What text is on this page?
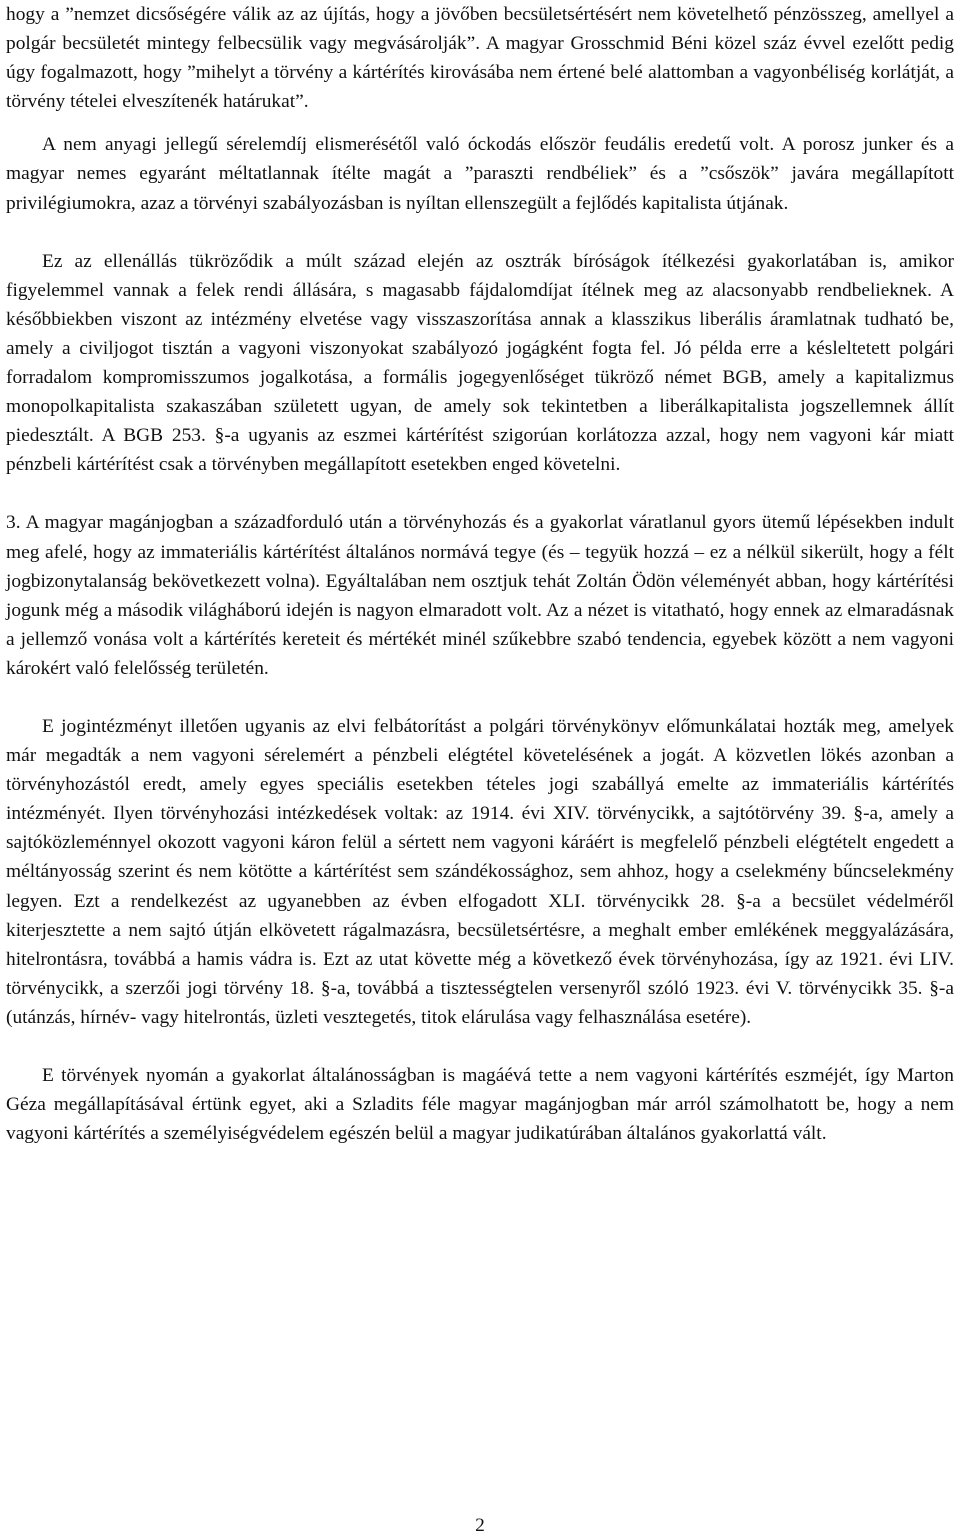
hogy a ”nemzet dicsőségére válik az az újítás, hogy a jövőben becsületsértésért nem követelhető pénzösszeg, amellyel a polgár becsületét mintegy felbecsülik vagy megvásárolják”. A magyar Grosschmid Béni közel száz évvel ezelőtt pedig úgy fogalmazott, hogy ”mihelyt a törvény a kártérítés kirovásába nem értené belé alattomban a vagyonbéliség korlátját, a törvény tételei elveszítenék határukat”.

A nem anyagi jellegű sérelemdíj elismerésétől való óckodás először feudális eredetű volt. A porosz junker és a magyar nemes egyaránt méltatlannak ítélte magát a ”paraszti rendbéliek” és a ”csőszök” javára megállapított privilégiumokra, azaz a törvényi szabályozásban is nyíltan ellenszegült a fejlődés kapitalista útjának.

Ez az ellenállás tükröződik a múlt század elején az osztrák bíróságok ítélkezési gyakorlatában is, amikor figyelemmel vannak a felek rendi állására, s magasabb fájdalomdíjat ítélnek meg az alacsonyabb rendbelieknek. A későbbiekben viszont az intézmény elvetése vagy visszaszorítása annak a klasszikus liberális áramlatnak tudható be, amely a civiljogot tisztán a vagyoni viszonyokat szabályozó jogágként fogta fel. Jó példa erre a késleltetett polgári forradalom kompromisszumos jogalkotása, a formális jogegyenlőséget tükröző német BGB, amely a kapitalizmus monopolkapitalista szakaszában született ugyan, de amely sok tekintetben a liberálkapitalista jogszellemnek állít piedesztált. A BGB 253. §-a ugyanis az eszmei kártérítést szigorúan korlátozza azzal, hogy nem vagyoni kár miatt pénzbeli kártérítést csak a törvényben megállapított esetekben enged követelni.

3. A magyar magánjogban a századforduló után a törvényhozás és a gyakorlat váratlanul gyors ütemű lépésekben indult meg afelé, hogy az immateriális kártérítést általános normává tegye (és – tegyük hozzá – ez a nélkül sikerült, hogy a félt jogbizonytalanság bekövetkezett volna). Egyáltalában nem osztjuk tehát Zoltán Ödön véleményét abban, hogy kártérítési jogunk még a második világháború idején is nagyon elmaradott volt. Az a nézet is vitatható, hogy ennek az elmaradásnak a jellemző vonása volt a kártérítés kereteit és mértékét minél szűkebbre szabó tendencia, egyebek között a nem vagyoni károkért való felelősség területén.

E jogintézményt illetően ugyanis az elvi felbátorítást a polgári törvénykönyv előmunkálatai hozták meg, amelyek már megadták a nem vagyoni sérelemért a pénzbeli elégtétel követelésének a jogát. A közvetlen lökés azonban a törvényhozástól eredt, amely egyes speciális esetekben tételes jogi szabállyá emelte az immateriális kártérítés intézményét. Ilyen törvényhozási intézkedések voltak: az 1914. évi XIV. törvénycikk, a sajtótörvény 39. §-a, amely a sajtóközleménnyel okozott vagyoni káron felül a sértett nem vagyoni káráért is megfelelő pénzbeli elégtételt engedett a méltányosság szerint és nem kötötte a kártérítést sem szándékossághoz, sem ahhoz, hogy a cselekmény bűncselekmény legyen. Ezt a rendelkezést az ugyanebben az évben elfogadott XLI. törvénycikk 28. §-a a becsület védelméről kiterjesztette a nem sajtó útján elkövetett rágalmazásra, becsületsértésre, a meghalt ember emlékének meggyalázására, hitelrontásra, továbbá a hamis vádra is. Ezt az utat követte még a következő évek törvényhozása, így az 1921. évi LIV. törvénycikk, a szerzői jogi törvény 18. §-a, továbbá a tisztességtelen versenyről szóló 1923. évi V. törvénycikk 35. §-a (utánzás, hírnév- vagy hitelrontás, üzleti vesztegetés, titok elárulása vagy felhasználása esetére).

E törvények nyomán a gyakorlat általánosságban is magáévá tette a nem vagyoni kártérítés eszméjét, így Marton Géza megállapításával értünk egyet, aki a Szladits féle magyar magánjogban már arról számolhatott be, hogy a nem vagyoni kártérítés a személyiségvédelem egészén belül a magyar judikatúrában általános gyakorlattá vált.

2
